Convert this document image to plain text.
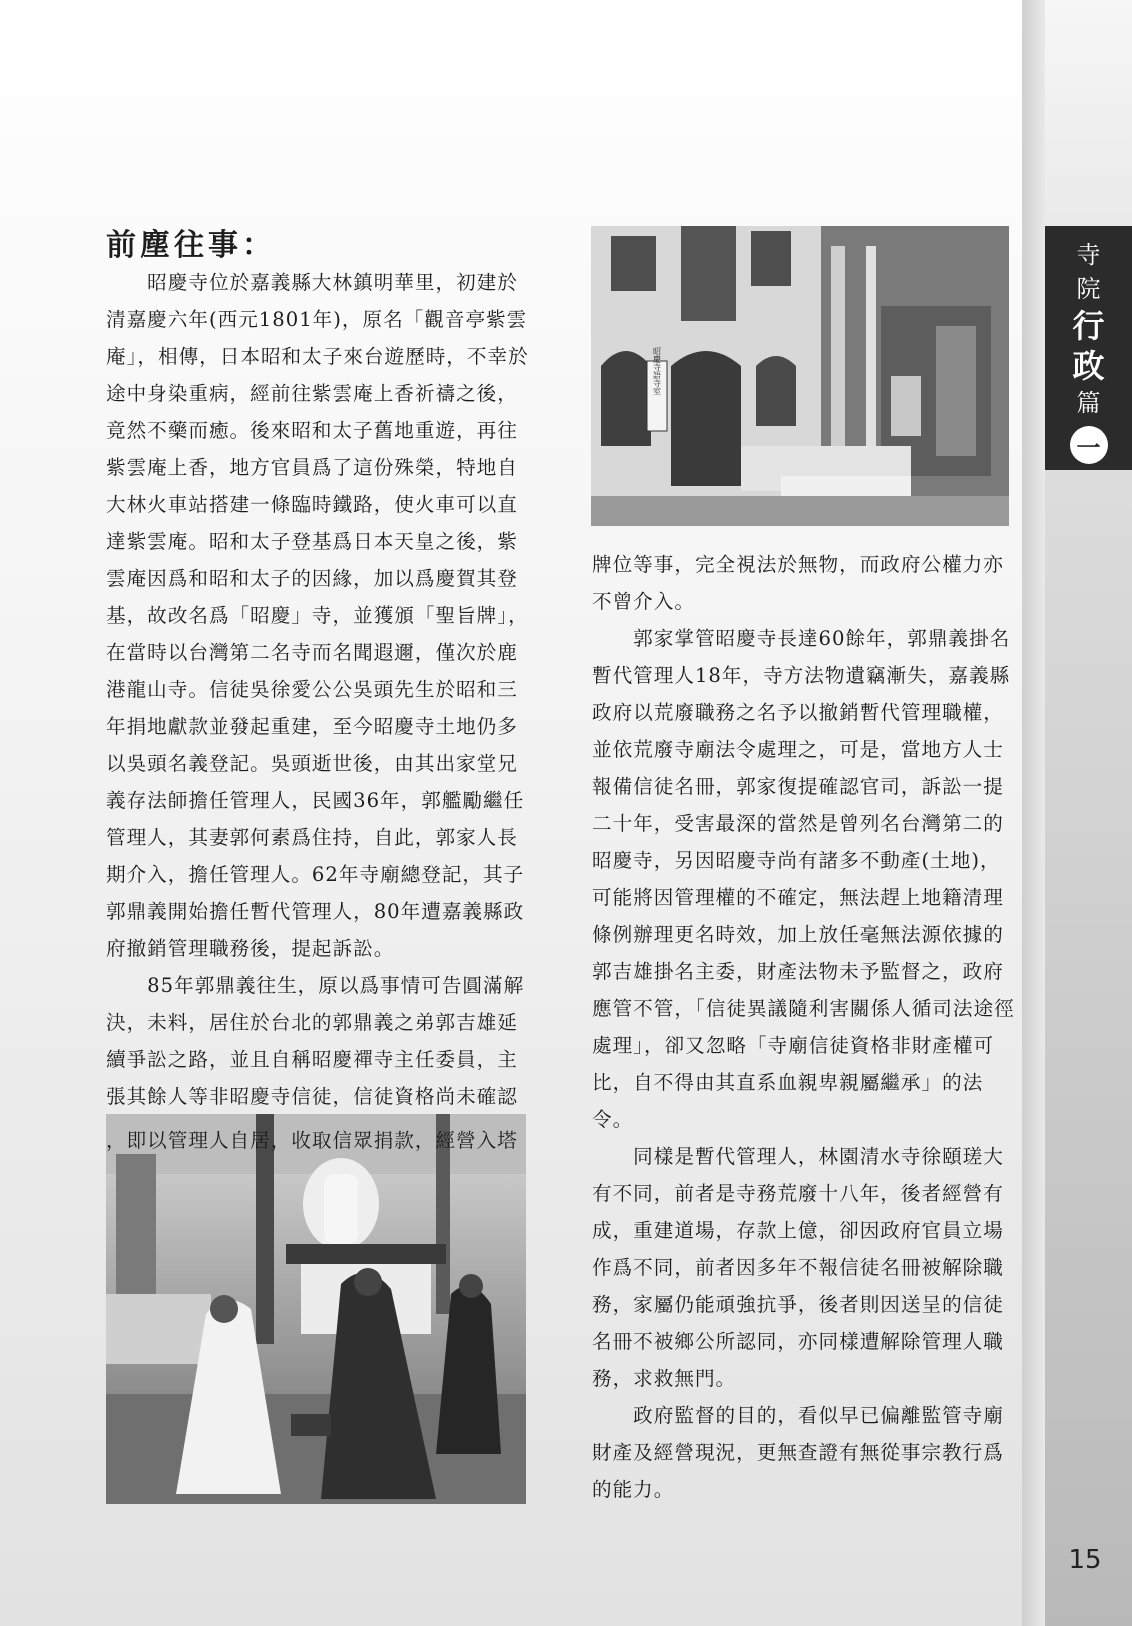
寺
院
行
政
篇
一
前塵往事：

　　昭慶寺位於嘉義縣大林鎮明華里，初建於清嘉慶六年(西元1801年)，原名「觀音亭紫雲庵」，相傳，日本昭和太子來台遊歷時，不幸於途中身染重病，經前往紫雲庵上香祈禱之後，竟然不藥而癒。後來昭和太子舊地重遊，再往紫雲庵上香，地方官員爲了這份殊榮，特地自大林火車站搭建一條臨時鐵路，使火車可以直達紫雲庵。昭和太子登基爲日本天皇之後，紫雲庵因爲和昭和太子的因緣，加以爲慶賀其登基，故改名爲「昭慶」寺，並獲頒「聖旨牌」，在當時以台灣第二名寺而名聞遐邇，僅次於鹿港龍山寺。信徒吳徐愛公公吳頭先生於昭和三年捐地獻款並發起重建，至今昭慶寺土地仍多以吳頭名義登記。吳頭逝世後，由其出家堂兄義存法師擔任管理人，民國36年，郭艦勵繼任管理人，其妻郭何素爲住持，自此，郭家人長期介入，擔任管理人。62年寺廟總登記，其子郭鼎義開始擔任暫代管理人，80年遭嘉義縣政府撤銷管理職務後，提起訴訟。

　　85年郭鼎義往生，原以爲事情可告圓滿解決，未料，居住於台北的郭鼎義之弟郭吉雄延續爭訟之路，並且自稱昭慶禪寺主任委員，主張其餘人等非昭慶寺信徒，信徒資格尚未確認

，即以管理人自居，收取信眾捐款，經營入塔

昭慶寺語寺室

牌位等事，完全視法於無物，而政府公權力亦不曾介入。

　　郭家掌管昭慶寺長達60餘年，郭鼎義掛名暫代管理人18年，寺方法物遺竊漸失，嘉義縣政府以荒廢職務之名予以撤銷暫代管理職權，並依荒廢寺廟法令處理之，可是，當地方人士報備信徒名冊，郭家復提確認官司，訴訟一提二十年，受害最深的當然是曾列名台灣第二的昭慶寺，另因昭慶寺尚有諸多不動產(土地)，可能將因管理權的不確定，無法趕上地籍清理條例辦理更名時效，加上放任毫無法源依據的郭吉雄掛名主委，財產法物未予監督之，政府應管不管，「信徒異議隨利害關係人循司法途徑處理」，卻又忽略「寺廟信徒資格非財產權可比，自不得由其直系血親卑親屬繼承」的法令。

　　同樣是暫代管理人，林園清水寺徐頤瑳大有不同，前者是寺務荒廢十八年，後者經營有成，重建道場，存款上億，卻因政府官員立場作爲不同，前者因多年不報信徒名冊被解除職務，家屬仍能頑強抗爭，後者則因送呈的信徒名冊不被鄉公所認同，亦同樣遭解除管理人職務，求救無門。

　　政府監督的目的，看似早已偏離監管寺廟財產及經營現況，更無查證有無從事宗教行爲的能力。

15
